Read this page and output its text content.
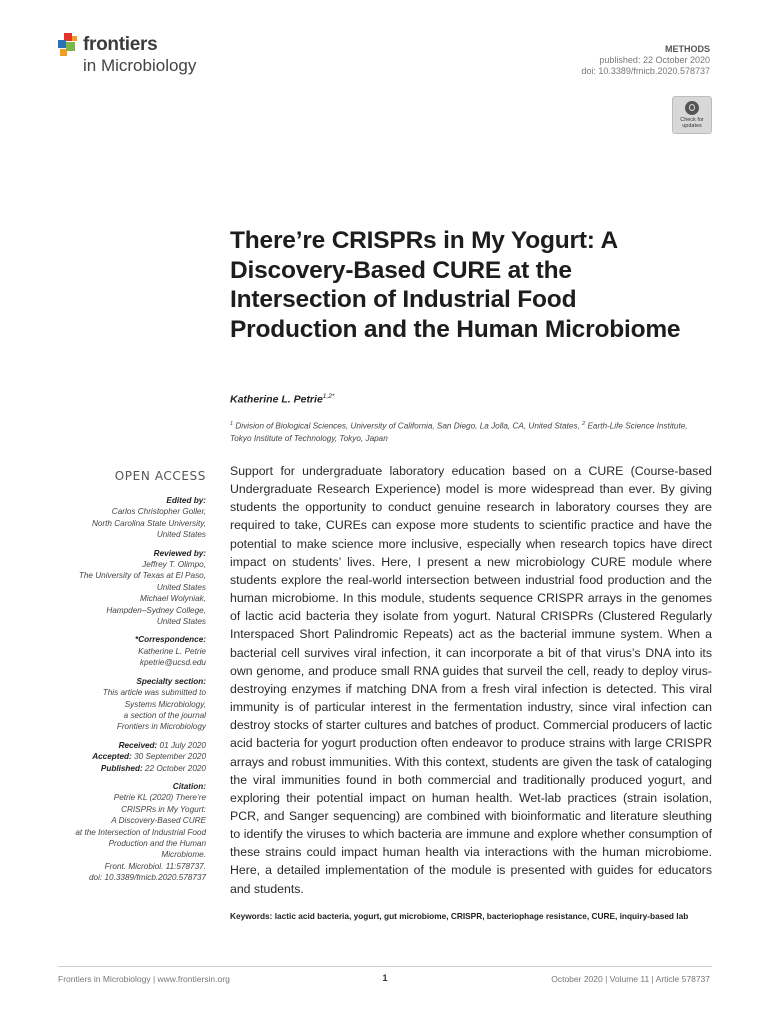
frontiers
in Microbiology
METHODS
published: 22 October 2020
doi: 10.3389/fmicb.2020.578737
Check for updates
There’re CRISPRs in My Yogurt: A Discovery-Based CURE at the Intersection of Industrial Food Production and the Human Microbiome
Katherine L. Petrie$^{1,2*}$
$^1$ Division of Biological Sciences, University of California, San Diego, La Jolla, CA, United States, $^2$ Earth-Life Science Institute, Tokyo Institute of Technology, Tokyo, Japan
OPEN ACCESS
Edited by:
Carlos Christopher Goller,
North Carolina State University,
United States
Reviewed by:
Jeffrey T. Olimpo,
The University of Texas at El Paso,
United States
Michael Wolyniak,
Hampden–Sydney College,
United States
*Correspondence:
Katherine L. Petrie
kpetrie@ucsd.edu
Specialty section:
This article was submitted to
Systems Microbiology,
a section of the journal
Frontiers in Microbiology
Received: 01 July 2020
Accepted: 30 September 2020
Published: 22 October 2020
Citation:
Petrie KL (2020) There’re
CRISPRs in My Yogurt:
A Discovery-Based CURE
at the Intersection of Industrial Food
Production and the Human
Microbiome.
Front. Microbiol. 11:578737.
doi: 10.3389/fmicb.2020.578737
Support for undergraduate laboratory education based on a CURE (Course-based Undergraduate Research Experience) model is more widespread than ever. By giving students the opportunity to conduct genuine research in laboratory courses they are required to take, CUREs can expose more students to scientific practice and have the potential to make science more inclusive, especially when research topics have direct impact on students’ lives. Here, I present a new microbiology CURE module where students explore the real-world intersection between industrial food production and the human microbiome. In this module, students sequence CRISPR arrays in the genomes of lactic acid bacteria they isolate from yogurt. Natural CRISPRs (Clustered Regularly Interspaced Short Palindromic Repeats) act as the bacterial immune system. When a bacterial cell survives viral infection, it can incorporate a bit of that virus’s DNA into its own genome, and produce small RNA guides that surveil the cell, ready to deploy virus-destroying enzymes if matching DNA from a fresh viral infection is detected. This viral immunity is of particular interest in the fermentation industry, since viral infection can destroy stocks of starter cultures and batches of product. Commercial producers of lactic acid bacteria for yogurt production often endeavor to produce strains with large CRISPR arrays and robust immunities. With this context, students are given the task of cataloging the viral immunities found in both commercial and traditionally produced yogurt, and exploring their potential impact on human health. Wet-lab practices (strain isolation, PCR, and Sanger sequencing) are combined with bioinformatic and literature sleuthing to identify the viruses to which bacteria are immune and explore whether consumption of these strains could impact human health via interactions with the human microbiome. Here, a detailed implementation of the module is presented with guides for educators and students.
Keywords: lactic acid bacteria, yogurt, gut microbiome, CRISPR, bacteriophage resistance, CURE, inquiry-based lab
Frontiers in Microbiology | www.frontiersin.org	1	October 2020 | Volume 11 | Article 578737
